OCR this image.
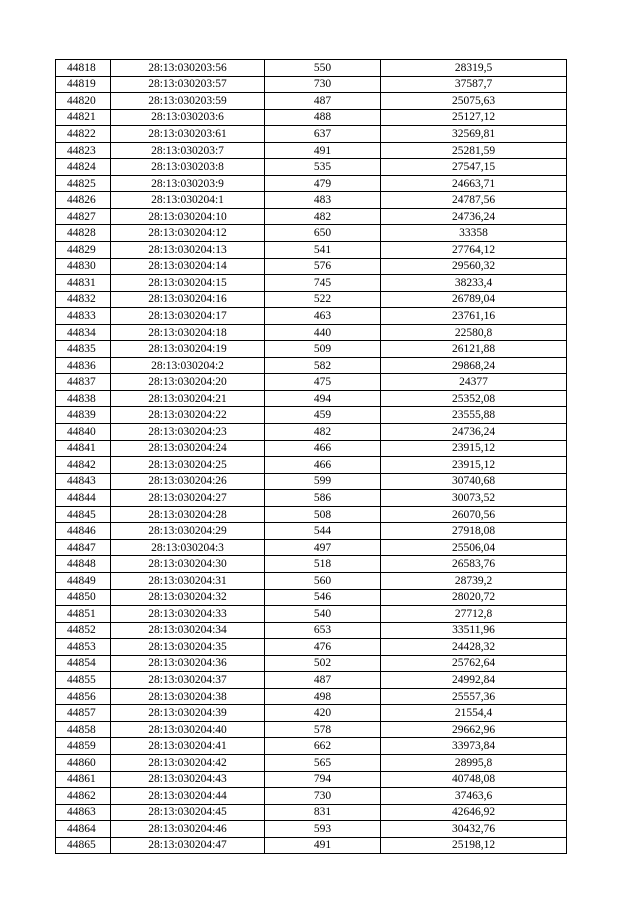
44818	28:13:030203:56	550	28319,5
44819	28:13:030203:57	730	37587,7
44820	28:13:030203:59	487	25075,63
44821	28:13:030203:6	488	25127,12
44822	28:13:030203:61	637	32569,81
44823	28:13:030203:7	491	25281,59
44824	28:13:030203:8	535	27547,15
44825	28:13:030203:9	479	24663,71
44826	28:13:030204:1	483	24787,56
44827	28:13:030204:10	482	24736,24
44828	28:13:030204:12	650	33358
44829	28:13:030204:13	541	27764,12
44830	28:13:030204:14	576	29560,32
44831	28:13:030204:15	745	38233,4
44832	28:13:030204:16	522	26789,04
44833	28:13:030204:17	463	23761,16
44834	28:13:030204:18	440	22580,8
44835	28:13:030204:19	509	26121,88
44836	28:13:030204:2	582	29868,24
44837	28:13:030204:20	475	24377
44838	28:13:030204:21	494	25352,08
44839	28:13:030204:22	459	23555,88
44840	28:13:030204:23	482	24736,24
44841	28:13:030204:24	466	23915,12
44842	28:13:030204:25	466	23915,12
44843	28:13:030204:26	599	30740,68
44844	28:13:030204:27	586	30073,52
44845	28:13:030204:28	508	26070,56
44846	28:13:030204:29	544	27918,08
44847	28:13:030204:3	497	25506,04
44848	28:13:030204:30	518	26583,76
44849	28:13:030204:31	560	28739,2
44850	28:13:030204:32	546	28020,72
44851	28:13:030204:33	540	27712,8
44852	28:13:030204:34	653	33511,96
44853	28:13:030204:35	476	24428,32
44854	28:13:030204:36	502	25762,64
44855	28:13:030204:37	487	24992,84
44856	28:13:030204:38	498	25557,36
44857	28:13:030204:39	420	21554,4
44858	28:13:030204:40	578	29662,96
44859	28:13:030204:41	662	33973,84
44860	28:13:030204:42	565	28995,8
44861	28:13:030204:43	794	40748,08
44862	28:13:030204:44	730	37463,6
44863	28:13:030204:45	831	42646,92
44864	28:13:030204:46	593	30432,76
44865	28:13:030204:47	491	25198,12
